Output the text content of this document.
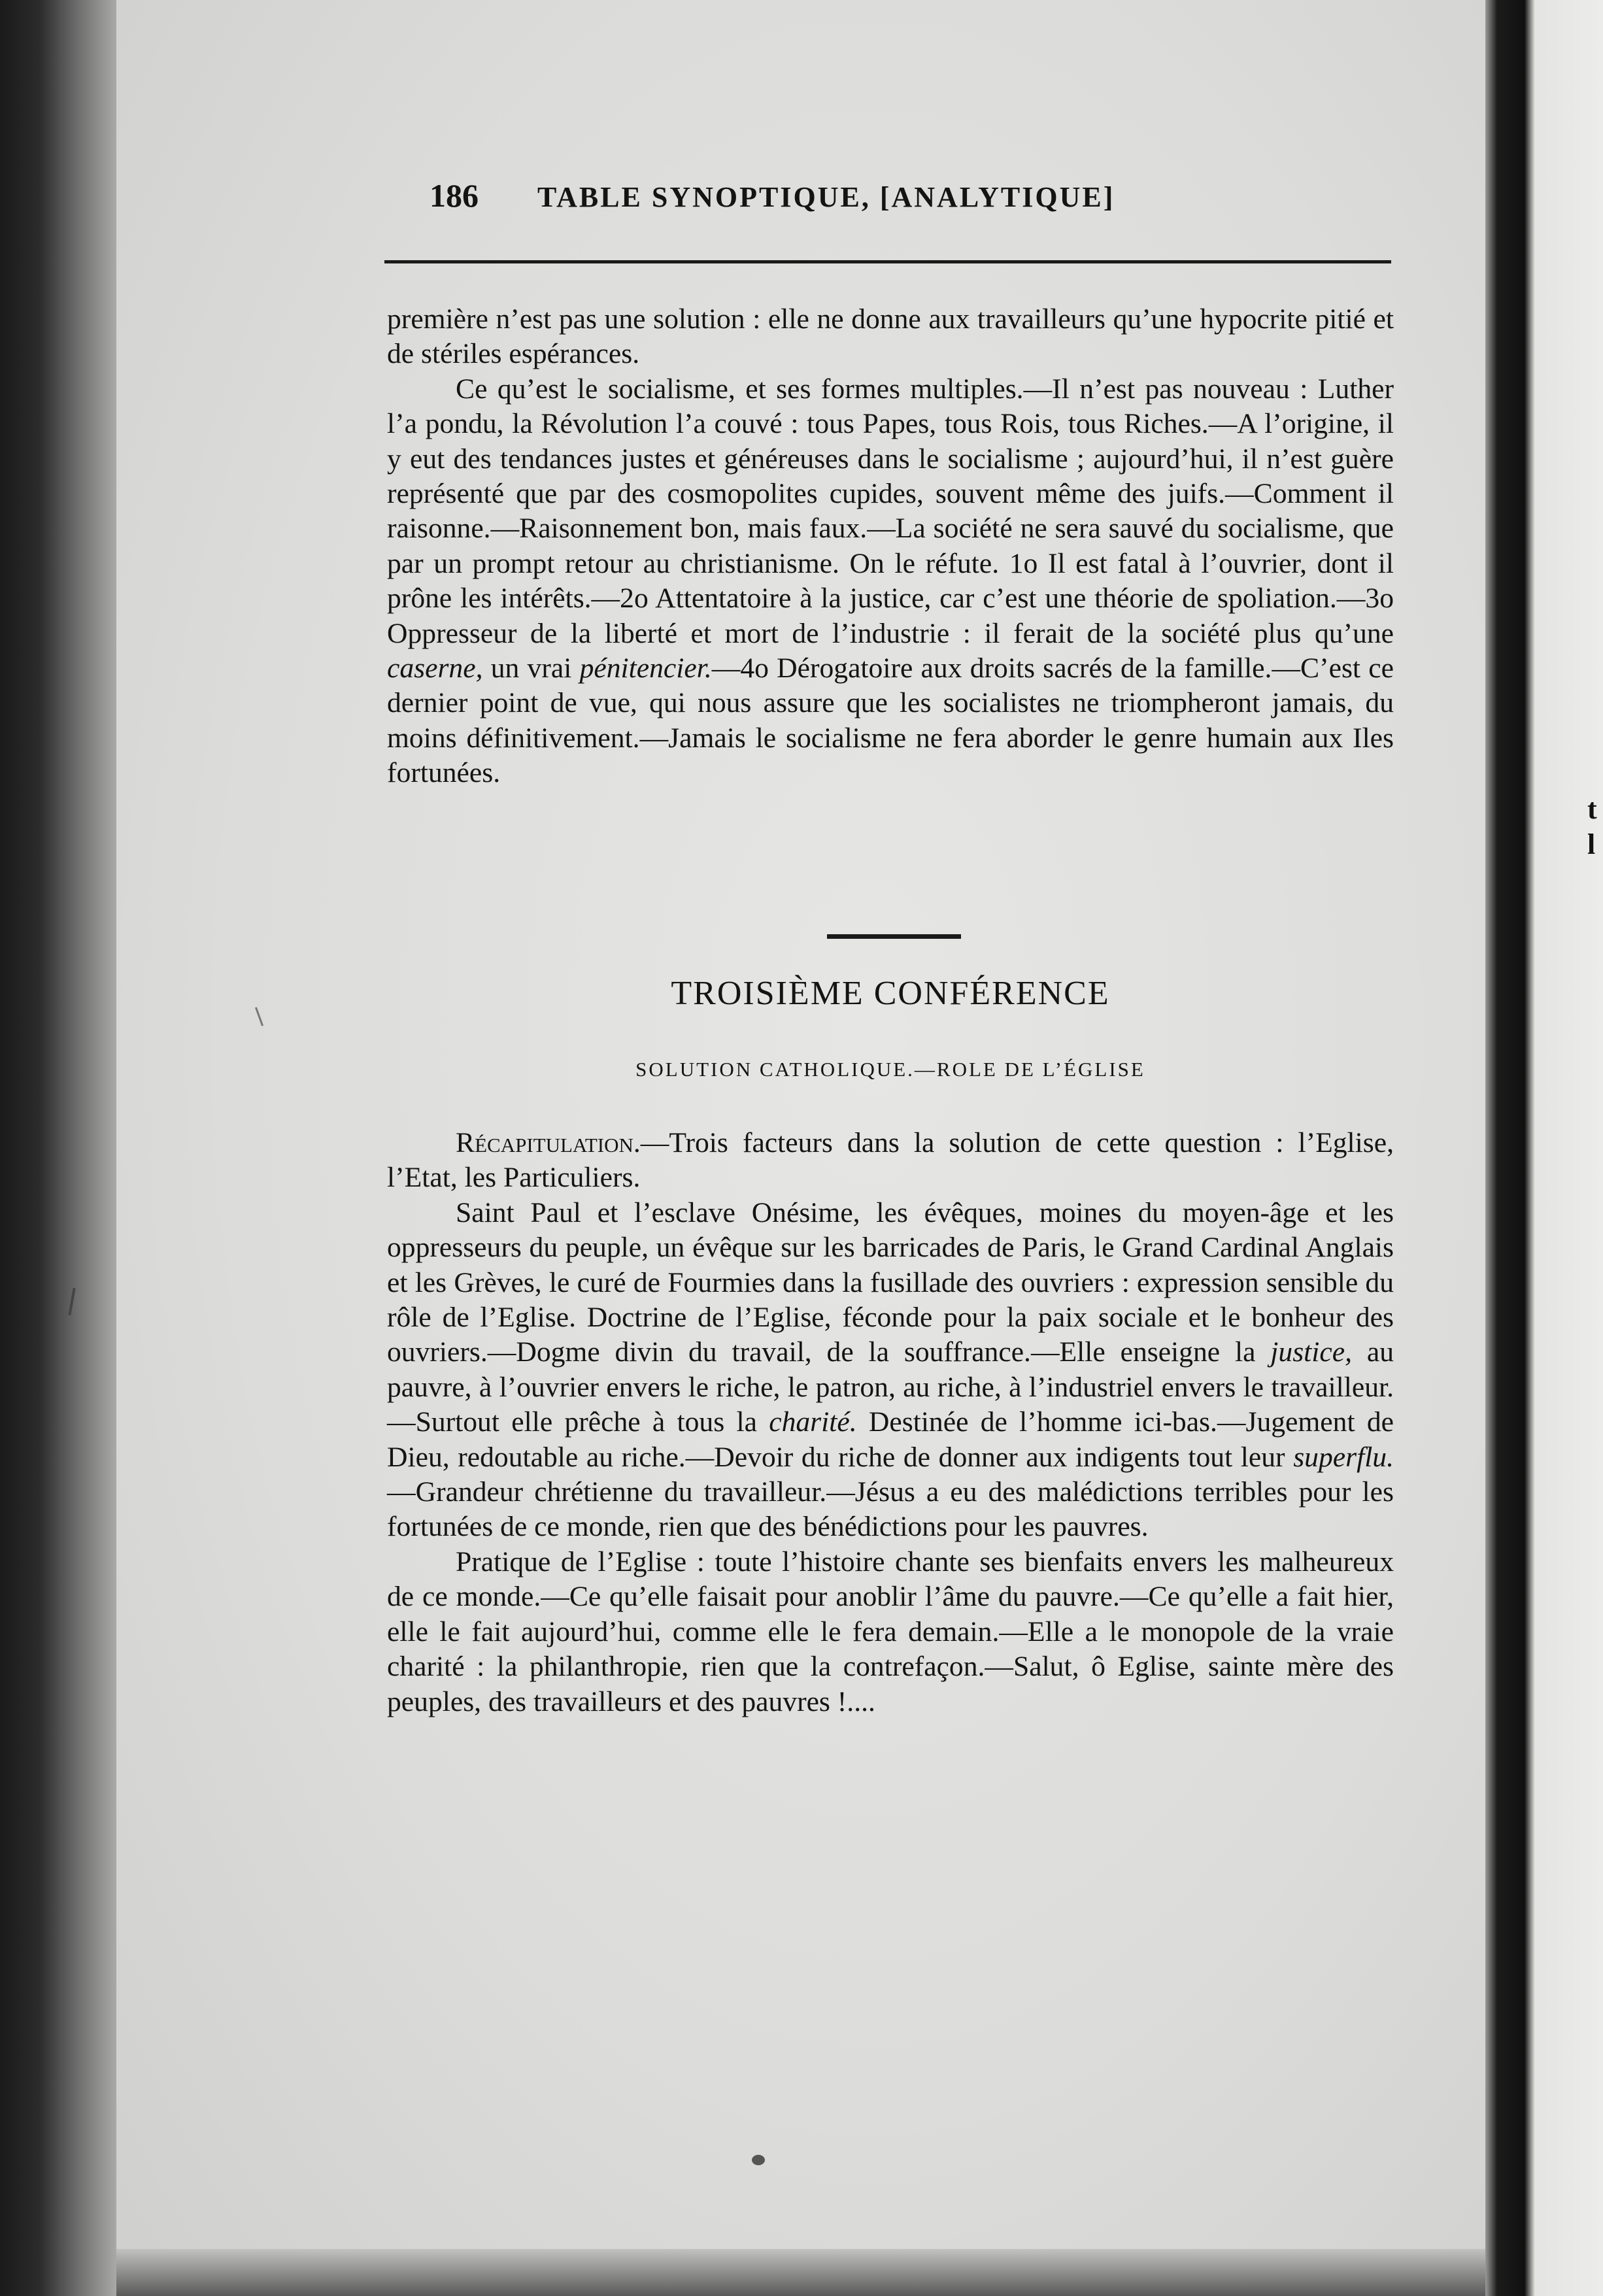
t
l
186 TABLE SYNOPTIQUE, [ANALYTIQUE]

première n’est pas une solution : elle ne donne aux travailleurs qu’une hypocrite pitié et de stériles espérances.

Ce qu’est le socialisme, et ses formes multiples.—Il n’est pas nouveau : Luther l’a pondu, la Révolution l’a couvé : tous Papes, tous Rois, tous Riches.—A l’origine, il y eut des tendances justes et généreuses dans le socialisme ; aujourd’hui, il n’est guère représenté que par des cosmopolites cupides, souvent même des juifs.—Comment il raisonne.—Raisonnement bon, mais faux.—La société ne sera sauvé du socialisme, que par un prompt retour au christianisme. On le réfute. 1o Il est fatal à l’ouvrier, dont il prône les intérêts.—2o Attentatoire à la justice, car c’est une théorie de spoliation.—3o Oppresseur de la liberté et mort de l’industrie : il ferait de la société plus qu’une caserne, un vrai pénitencier.—4o Dérogatoire aux droits sacrés de la famille.—C’est ce dernier point de vue, qui nous assure que les socialistes ne triompheront jamais, du moins définitivement.—Jamais le socialisme ne fera aborder le genre humain aux Iles fortunées.

TROISIÈME CONFÉRENCE
SOLUTION CATHOLIQUE.—ROLE DE L’ÉGLISE

Récapitulation.—Trois facteurs dans la solution de cette question : l’Eglise, l’Etat, les Particuliers.

Saint Paul et l’esclave Onésime, les évêques, moines du moyen-âge et les oppresseurs du peuple, un évêque sur les barricades de Paris, le Grand Cardinal Anglais et les Grèves, le curé de Fourmies dans la fusillade des ouvriers : expression sensible du rôle de l’Eglise. Doctrine de l’Eglise, féconde pour la paix sociale et le bonheur des ouvriers.—Dogme divin du travail, de la souffrance.—Elle enseigne la justice, au pauvre, à l’ouvrier envers le riche, le patron, au riche, à l’industriel envers le travailleur.—Surtout elle prêche à tous la charité. Destinée de l’homme ici-bas.—Jugement de Dieu, redoutable au riche.—Devoir du riche de donner aux indigents tout leur superflu. —Grandeur chrétienne du travailleur.—Jésus a eu des malédictions terribles pour les fortunées de ce monde, rien que des bénédictions pour les pauvres.

Pratique de l’Eglise : toute l’histoire chante ses bienfaits envers les malheureux de ce monde.—Ce qu’elle faisait pour anoblir l’âme du pauvre.—Ce qu’elle a fait hier, elle le fait aujourd’hui, comme elle le fera demain.—Elle a le monopole de la vraie charité : la philanthropie, rien que la contrefaçon.—Salut, ô Eglise, sainte mère des peuples, des travailleurs et des pauvres !....
